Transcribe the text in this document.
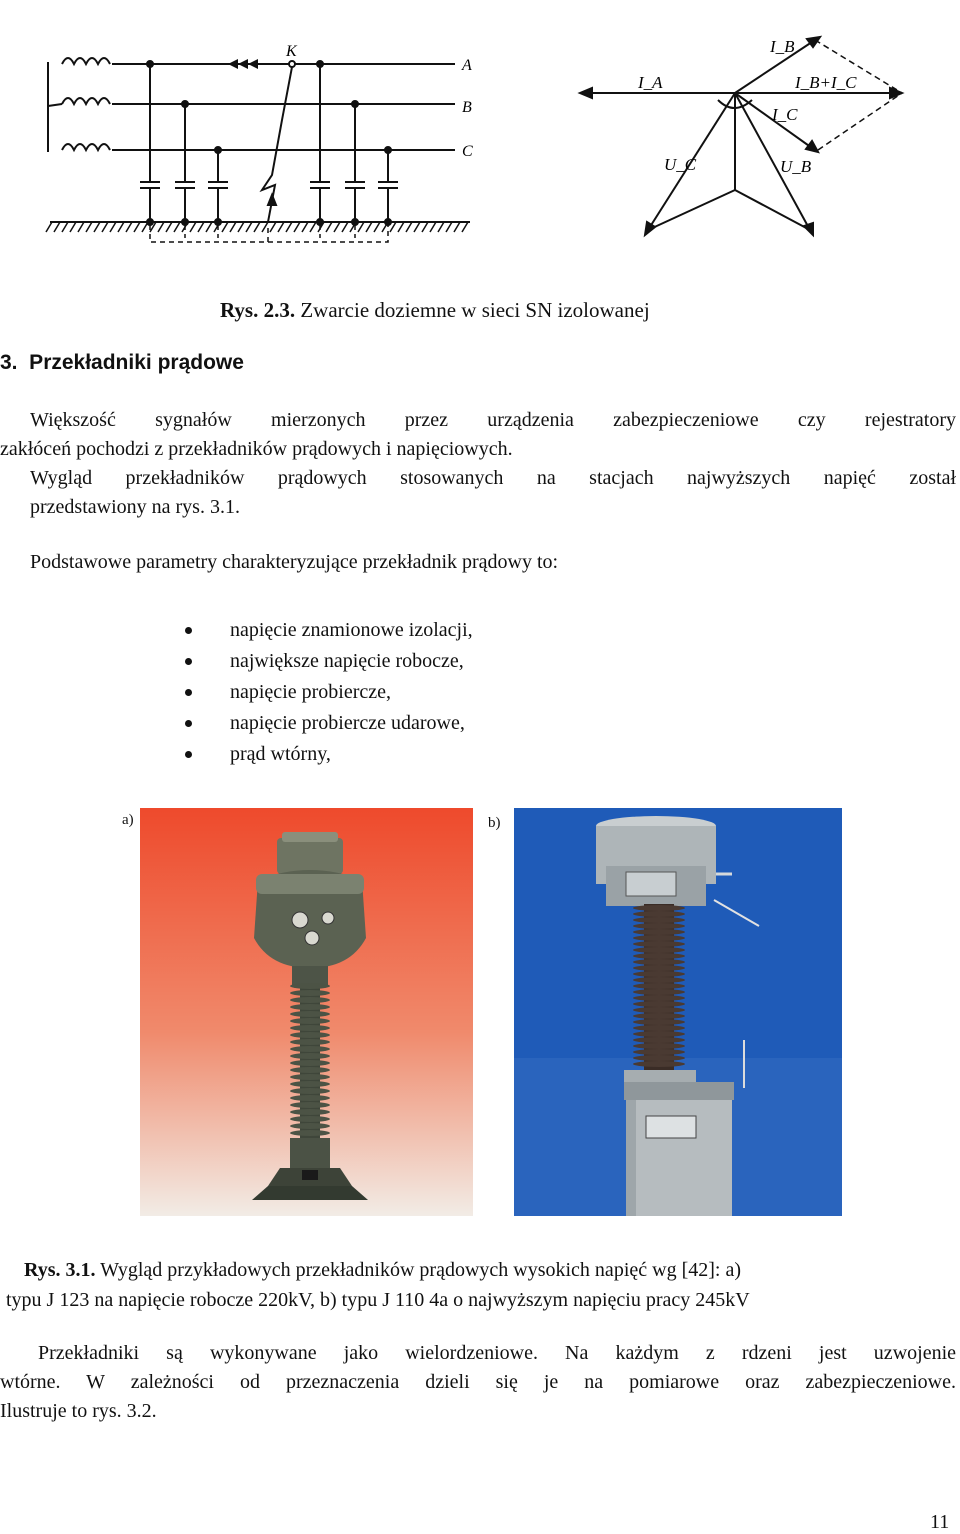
K
A
B
C
I_A
I_B
I_B+I_C
I_C
U_C	U_B
Rys. 2.3. Zwarcie doziemne w sieci SN izolowanej
3.  Przekładniki prądowe
Większość sygnałów mierzonych przez urządzenia zabezpieczeniowe czy rejestratory
zakłóceń pochodzi z przekładników prądowych i napięciowych.
Wygląd przekładników prądowych stosowanych na stacjach najwyższych napięć został
przedstawiony na rys. 3.1.
Podstawowe parametry charakteryzujące przekładnik prądowy to:
napięcie znamionowe izolacji,
największe napięcie robocze,
napięcie probiercze,
napięcie probiercze udarowe,
prąd wtórny,
a)	b)
Rys. 3.1. Wygląd przykładowych przekładników prądowych wysokich napięć wg [42]: a)
typu J 123 na napięcie robocze 220kV, b) typu J 110 4a o najwyższym napięciu pracy 245kV
Przekładniki są wykonywane jako wielordzeniowe. Na każdym z rdzeni jest uzwojenie
wtórne. W zależności od przeznaczenia dzieli się je na pomiarowe oraz zabezpieczeniowe.
Ilustruje to rys. 3.2.
11
